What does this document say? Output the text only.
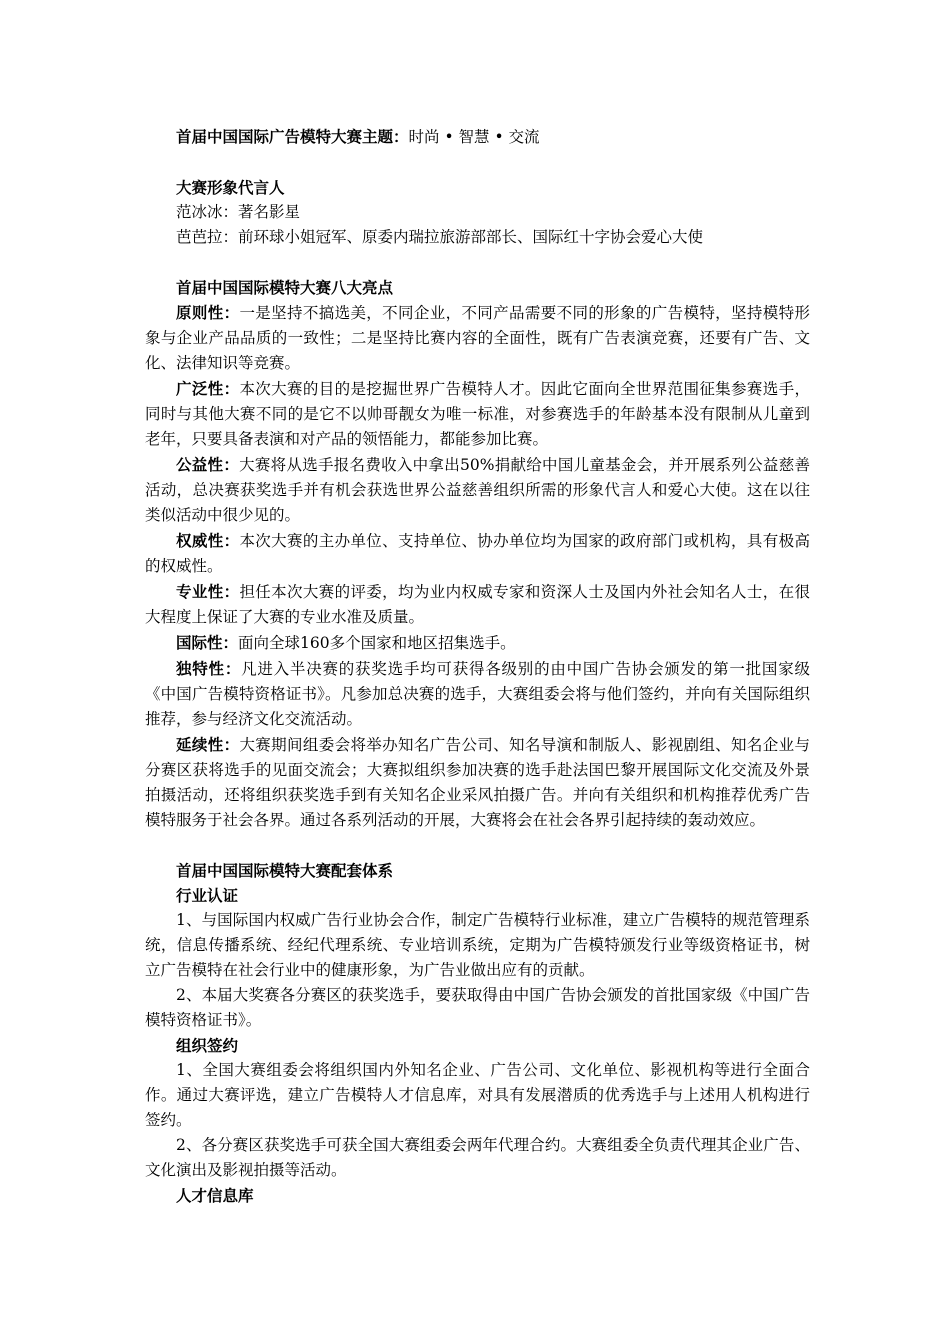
首届中国国际广告模特大赛主题：时尚 • 智慧 • 交流

大赛形象代言人

范冰冰：著名影星

芭芭拉：前环球小姐冠军、原委内瑞拉旅游部部长、国际红十字协会爱心大使

首届中国国际模特大赛八大亮点

原则性：一是坚持不搞选美，不同企业，不同产品需要不同的形象的广告模特，坚持模特形象与企业产品品质的一致性；二是坚持比赛内容的全面性，既有广告表演竞赛，还要有广告、文化、法律知识等竞赛。

广泛性：本次大赛的目的是挖掘世界广告模特人才。因此它面向全世界范围征集参赛选手，同时与其他大赛不同的是它不以帅哥靓女为唯一标准，对参赛选手的年龄基本没有限制从儿童到老年，只要具备表演和对产品的领悟能力，都能参加比赛。

公益性：大赛将从选手报名费收入中拿出50%捐献给中国儿童基金会，并开展系列公益慈善活动，总决赛获奖选手并有机会获选世界公益慈善组织所需的形象代言人和爱心大使。这在以往类似活动中很少见的。

权威性：本次大赛的主办单位、支持单位、协办单位均为国家的政府部门或机构，具有极高的权威性。

专业性：担任本次大赛的评委，均为业内权威专家和资深人士及国内外社会知名人士，在很大程度上保证了大赛的专业水准及质量。

国际性：面向全球160多个国家和地区招集选手。

独特性：凡进入半决赛的获奖选手均可获得各级别的由中国广告协会颁发的第一批国家级《中国广告模特资格证书》。凡参加总决赛的选手，大赛组委会将与他们签约，并向有关国际组织推荐，参与经济文化交流活动。

延续性：大赛期间组委会将举办知名广告公司、知名导演和制版人、影视剧组、知名企业与分赛区获将选手的见面交流会；大赛拟组织参加决赛的选手赴法国巴黎开展国际文化交流及外景拍摄活动，还将组织获奖选手到有关知名企业采风拍摄广告。并向有关组织和机构推荐优秀广告模特服务于社会各界。通过各系列活动的开展，大赛将会在社会各界引起持续的轰动效应。

首届中国国际模特大赛配套体系

行业认证

1、与国际国内权威广告行业协会合作，制定广告模特行业标准，建立广告模特的规范管理系统，信息传播系统、经纪代理系统、专业培训系统，定期为广告模特颁发行业等级资格证书，树立广告模特在社会行业中的健康形象，为广告业做出应有的贡献。

2、本届大奖赛各分赛区的获奖选手，要获取得由中国广告协会颁发的首批国家级《中国广告模特资格证书》。

组织签约

1、全国大赛组委会将组织国内外知名企业、广告公司、文化单位、影视机构等进行全面合作。通过大赛评选，建立广告模特人才信息库，对具有发展潜质的优秀选手与上述用人机构进行签约。

2、各分赛区获奖选手可获全国大赛组委会两年代理合约。大赛组委全负责代理其企业广告、文化演出及影视拍摄等活动。

人才信息库
